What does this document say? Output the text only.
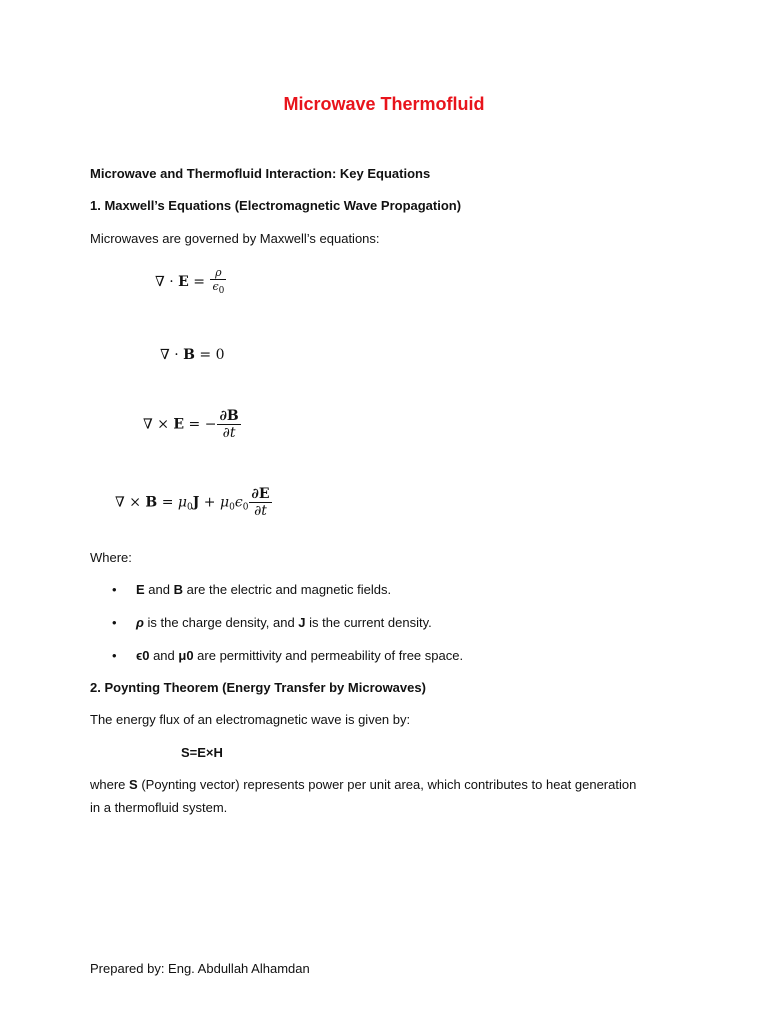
Microwave Thermofluid
Microwave and Thermofluid Interaction: Key Equations
1. Maxwell’s Equations (Electromagnetic Wave Propagation)
Microwaves are governed by Maxwell’s equations:
∇ · $E = \frac{\rho}{\epsilon_0}$
∇ · B = 0
∇ × E = − $\frac{\partial B}{\partial t}$
∇ × $B = \mu_0J + \mu_0\epsilon_0 \frac{\partial E}{\partial t}$
Where:
• E and B are the electric and magnetic fields.
• ρ is the charge density, and J is the current density.
• ϵ0 and μ0 are permittivity and permeability of free space.
2. Poynting Theorem (Energy Transfer by Microwaves)
The energy flux of an electromagnetic wave is given by:
S=E×H
where S (Poynting vector) represents power per unit area, which contributes to heat generation
in a thermofluid system.
Prepared by: Eng. Abdullah Alhamdan
